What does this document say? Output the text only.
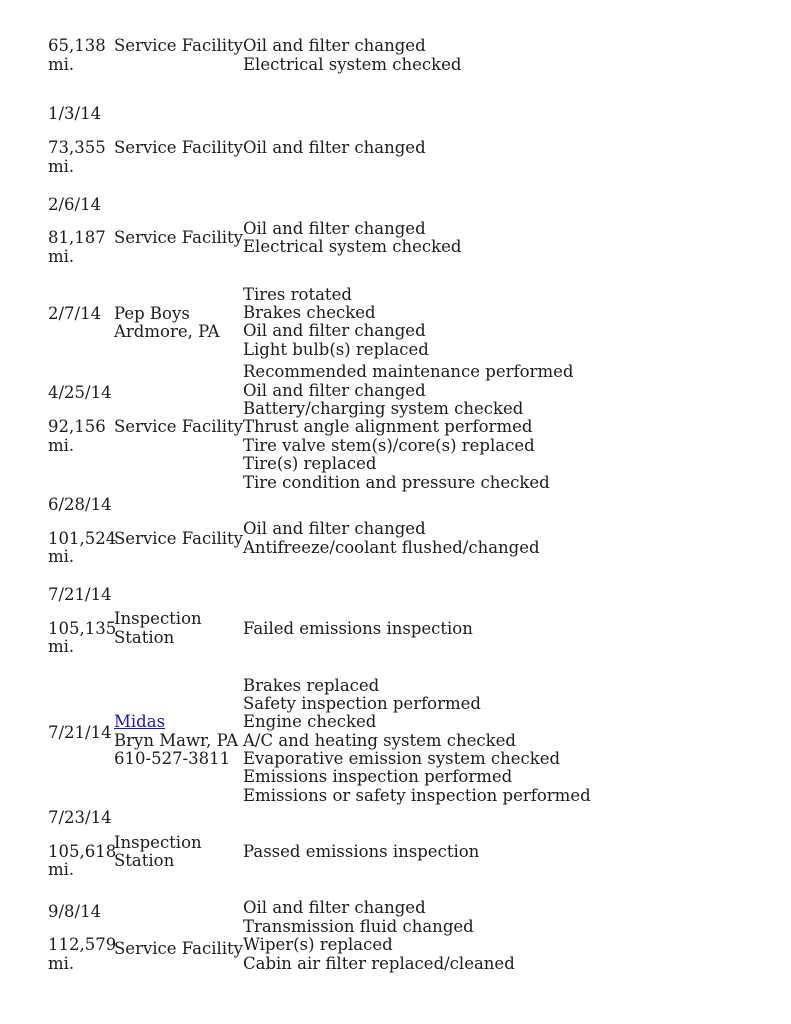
65,138
mi.
Service Facility Oil and filter changed
Electrical system checked
1/3/14
73,355
mi.
Service Facility Oil and filter changed
2/6/14
81,187
mi.
Service Facility Oil and filter changed
Electrical system checked
2/7/14 Pep Boys
Ardmore, PA
Tires rotated
Brakes checked
Oil and filter changed
Light bulb(s) replaced
4/25/14
92,156
mi.
Service Facility
Recommended maintenance performed
Oil and filter changed
Battery/charging system checked
Thrust angle alignment performed
Tire valve stem(s)/core(s) replaced
Tire(s) replaced
Tire condition and pressure checked
6/28/14
101,524
mi.
Service Facility
Oil and filter changed
Antifreeze/coolant flushed/changed
7/21/14
105,135
mi.
Inspection
Station	Failed emissions inspection
7/21/14
Midas
Bryn Mawr, PA
610-527-3811
Brakes replaced
Safety inspection performed
Engine checked
A/C and heating system checked
Evaporative emission system checked
Emissions inspection performed
Emissions or safety inspection performed
7/23/14
105,618
mi.
Inspection
Station	Passed emissions inspection
9/8/14
112,579
mi.
Service Facility
Oil and filter changed
Transmission fluid changed
Wiper(s) replaced
Cabin air filter replaced/cleaned
